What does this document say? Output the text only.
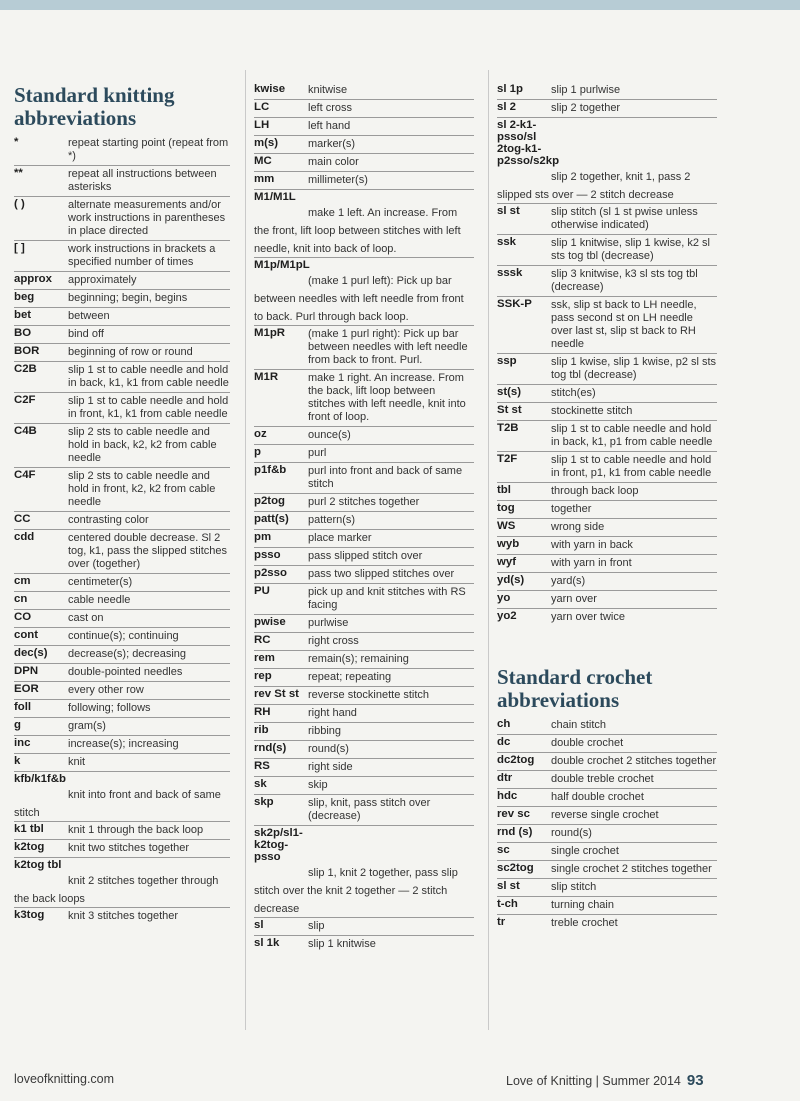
Standard knitting abbreviations
*	repeat starting point (repeat from *)
**	repeat all instructions between asterisks
( )	alternate measurements and/or work instructions in parentheses in place directed
[ ]	work instructions in brackets a specified number of times
approx	approximately
beg	beginning; begin, begins
bet	between
BO	bind off
BOR	beginning of row or round
C2B	slip 1 st to cable needle and hold in back, k1, k1 from cable needle
C2F	slip 1 st to cable needle and hold in front, k1, k1 from cable needle
C4B	slip 2 sts to cable needle and hold in back, k2, k2 from cable needle
C4F	slip 2 sts to cable needle and hold in front, k2, k2 from cable needle
CC	contrasting color
cdd	centered double decrease. Sl 2 tog, k1, pass the slipped stitches over (together)
cm	centimeter(s)
cn	cable needle
CO	cast on
cont	continue(s); continuing
dec(s)	decrease(s); decreasing
DPN	double-pointed needles
EOR	every other row
foll	following; follows
g	gram(s)
inc	increase(s); increasing
k	knit
kfb/k1f&b
knit into front and back of same stitch
k1 tbl	knit 1 through the back loop
k2tog	knit two stitches together
k2tog tbl
knit 2 stitches together through the back loops
k3tog	knit 3 stitches together
kwise	knitwise
LC	left cross
LH	left hand
m(s)	marker(s)
MC	main color
mm	millimeter(s)
M1/M1L
make 1 left. An increase. From the front, lift loop between stitches with left needle, knit into back of loop.
M1p/M1pL
(make 1 purl left): Pick up bar between needles with left needle from front to back. Purl through back loop.
M1pR	(make 1 purl right): Pick up bar between needles with left needle from back to front. Purl.
M1R	make 1 right. An increase. From the back, lift loop between stitches with left needle, knit into front of loop.
oz	ounce(s)
p	purl
p1f&b	purl into front and back of same stitch
p2tog	purl 2 stitches together
patt(s)	pattern(s)
pm	place marker
psso	pass slipped stitch over
p2sso	pass two slipped stitches over
PU	pick up and knit stitches with RS facing
pwise	purlwise
RC	right cross
rem	remain(s); remaining
rep	repeat; repeating
rev St st reverse stockinette stitch
RH	right hand
rib	ribbing
rnd(s)	round(s)
RS	right side
sk	skip
skp	slip, knit, pass stitch over (decrease)
sk2p/sl1-k2tog-psso
slip 1, knit 2 together, pass slip stitch over the knit 2 together — 2 stitch decrease
sl	slip
sl 1k	slip 1 knitwise
sl 1p	slip 1 purlwise
sl 2	slip 2 together
sl 2-k1-psso/sl 2tog-k1-p2sso/s2kp
slip 2 together, knit 1, pass 2 slipped sts over — 2 stitch decrease
sl st	slip stitch (sl 1 st pwise unless otherwise indicated)
ssk	slip 1 knitwise, slip 1 kwise, k2 sl sts tog tbl (decrease)
sssk	slip 3 knitwise, k3 sl sts tog tbl (decrease)
SSK-P	ssk, slip st back to LH needle, pass second st on LH needle over last st, slip st back to RH needle
ssp	slip 1 kwise, slip 1 kwise, p2 sl sts tog tbl (decrease)
st(s)	stitch(es)
St st	stockinette stitch
T2B	slip 1 st to cable needle and hold in back, k1, p1 from cable needle
T2F	slip 1 st to cable needle and hold in front, p1, k1 from cable needle
tbl	through back loop
tog	together
WS	wrong side
wyb	with yarn in back
wyf	with yarn in front
yd(s)	yard(s)
yo	yarn over
yo2	yarn over twice
Standard crochet abbreviations
ch	chain stitch
dc	double crochet
dc2tog	double crochet 2 stitches together
dtr	double treble crochet
hdc	half double crochet
rev sc	reverse single crochet
rnd (s)	round(s)
sc	single crochet
sc2tog	single crochet 2 stitches together
sl st	slip stitch
t-ch	turning chain
tr	treble crochet
loveofknitting.com	Love of Knitting | Summer 2014 93
